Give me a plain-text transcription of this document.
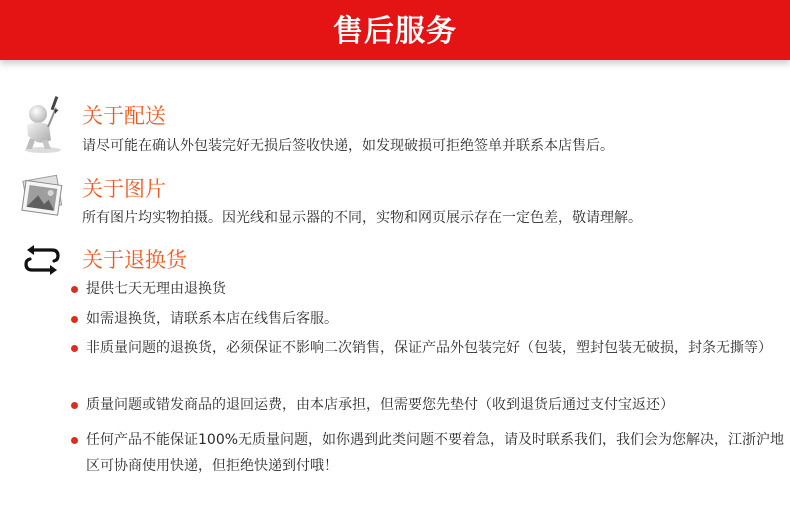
售后服务
关于配送
请尽可能在确认外包装完好无损后签收快递，如发现破损可拒绝签单并联系本店售后。
关于图片
所有图片均实物拍摄。因光线和显示器的不同，实物和网页展示存在一定色差，敬请理解。
关于退换货
提供七天无理由退换货
如需退换货，请联系本店在线售后客服。
非质量问题的退换货，必须保证不影响二次销售，保证产品外包装完好（包装，塑封包装无破损，封条无撕等）
质量问题或错发商品的退回运费，由本店承担，但需要您先垫付（收到退货后通过支付宝返还）
任何产品不能保证100%无质量问题，如你遇到此类问题不要着急，请及时联系我们，我们会为您解决，江浙沪地区可协商使用快递，但拒绝快递到付哦！
